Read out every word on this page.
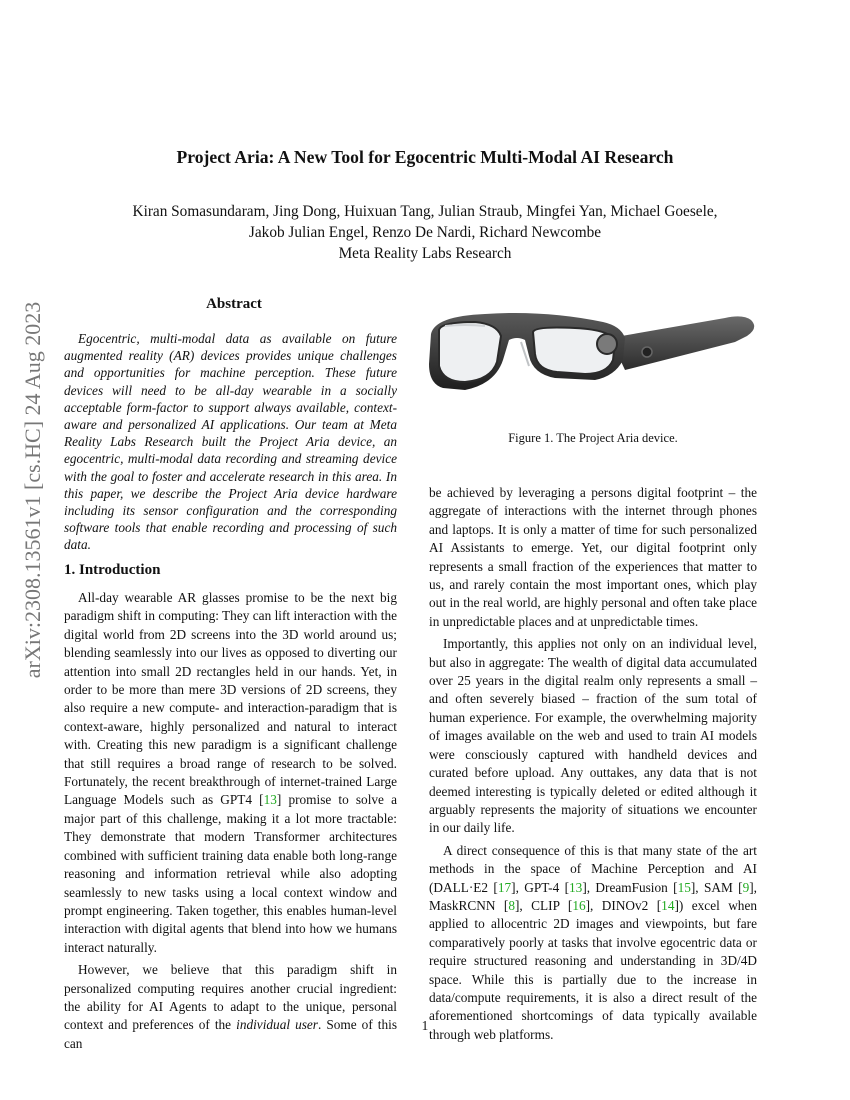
arXiv:2308.13561v1 [cs.HC] 24 Aug 2023
Project Aria: A New Tool for Egocentric Multi-Modal AI Research
Kiran Somasundaram, Jing Dong, Huixuan Tang, Julian Straub, Mingfei Yan, Michael Goesele,
Jakob Julian Engel, Renzo De Nardi, Richard Newcombe
Meta Reality Labs Research
Abstract

Egocentric, multi-modal data as available on future augmented reality (AR) devices provides unique challenges and opportunities for machine perception. These future devices will need to be all-day wearable in a socially acceptable form-factor to support always available, context-aware and personalized AI applications. Our team at Meta Reality Labs Research built the Project Aria device, an egocentric, multi-modal data recording and streaming device with the goal to foster and accelerate research in this area. In this paper, we describe the Project Aria device hardware including its sensor configuration and the corresponding software tools that enable recording and processing of such data.

1. Introduction

All-day wearable AR glasses promise to be the next big paradigm shift in computing: They can lift interaction with the digital world from 2D screens into the 3D world around us; blending seamlessly into our lives as opposed to diverting our attention into small 2D rectangles held in our hands. Yet, in order to be more than mere 3D versions of 2D screens, they also require a new compute- and interaction-paradigm that is context-aware, highly personalized and natural to interact with. Creating this new paradigm is a significant challenge that still requires a broad range of research to be solved. Fortunately, the recent breakthrough of internet-trained Large Language Models such as GPT4 [13] promise to solve a major part of this challenge, making it a lot more tractable: They demonstrate that modern Transformer architectures combined with sufficient training data enable both long-range reasoning and information retrieval while also adopting seamlessly to new tasks using a local context window and prompt engineering. Taken together, this enables human-level interaction with digital agents that blend into how we humans interact naturally.

However, we believe that this paradigm shift in personalized computing requires another crucial ingredient: the ability for AI Agents to adapt to the unique, personal context and preferences of the individual user. Some of this can

Figure 1. The Project Aria device.

be achieved by leveraging a persons digital footprint – the aggregate of interactions with the internet through phones and laptops. It is only a matter of time for such personalized AI Assistants to emerge. Yet, our digital footprint only represents a small fraction of the experiences that matter to us, and rarely contain the most important ones, which play out in the real world, are highly personal and often take place in unpredictable places and at unpredictable times.

Importantly, this applies not only on an individual level, but also in aggregate: The wealth of digital data accumulated over 25 years in the digital realm only represents a small – and often severely biased – fraction of the sum total of human experience. For example, the overwhelming majority of images available on the web and used to train AI models were consciously captured with handheld devices and curated before upload. Any outtakes, any data that is not deemed interesting is typically deleted or edited although it arguably represents the majority of situations we encounter in our daily life.

A direct consequence of this is that many state of the art methods in the space of Machine Perception and AI (DALL·E2 [17], GPT-4 [13], DreamFusion [15], SAM [9], MaskRCNN [8], CLIP [16], DINOv2 [14]) excel when applied to allocentric 2D images and viewpoints, but fare comparatively poorly at tasks that involve egocentric data or require structured reasoning and understanding in 3D/4D space. While this is partially due to the increase in data/compute requirements, it is also a direct result of the aforementioned shortcomings of data typically available through web platforms.

1
